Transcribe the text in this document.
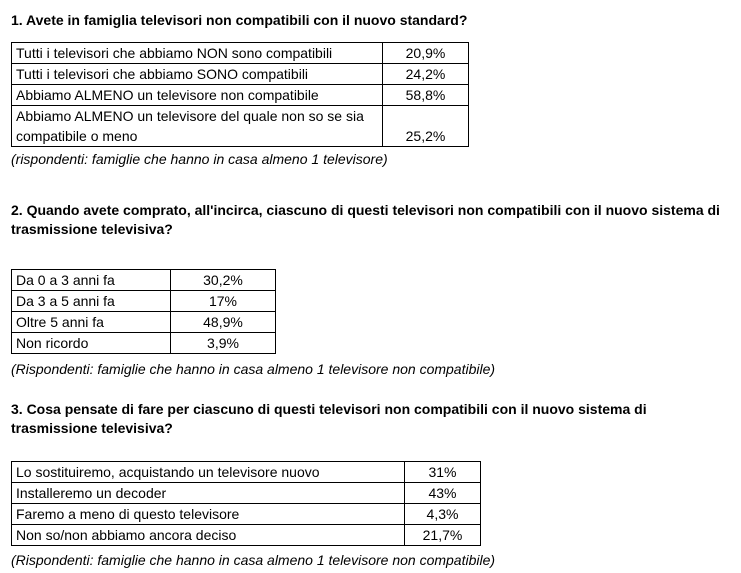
1. Avete in famiglia televisori non compatibili con il nuovo standard?

Tutti i televisori che abbiamo NON sono compatibili	20,9%
Tutti i televisori che abbiamo SONO compatibili	24,2%
Abbiamo ALMENO un televisore non compatibile	58,8%
Abbiamo ALMENO un televisore del quale non so se sia compatibile o meno	25,2%
(rispondenti: famiglie che hanno in casa almeno 1 televisore)

2. Quando avete comprato, all'incirca, ciascuno di questi televisori non compatibili con il nuovo sistema di trasmissione televisiva?

Da 0 a 3 anni fa	30,2%
Da 3 a 5 anni fa	17%
Oltre 5 anni fa	48,9%
Non ricordo	3,9%
(Rispondenti: famiglie che hanno in casa almeno 1 televisore non compatibile)

3. Cosa pensate di fare per ciascuno di questi televisori non compatibili con il nuovo sistema di trasmissione televisiva?

Lo sostituiremo, acquistando un televisore nuovo	31%
Installeremo un decoder	43%
Faremo a meno di questo televisore	4,3%
Non so/non abbiamo ancora deciso	21,7%
(Rispondenti: famiglie che hanno in casa almeno 1 televisore non compatibile)
